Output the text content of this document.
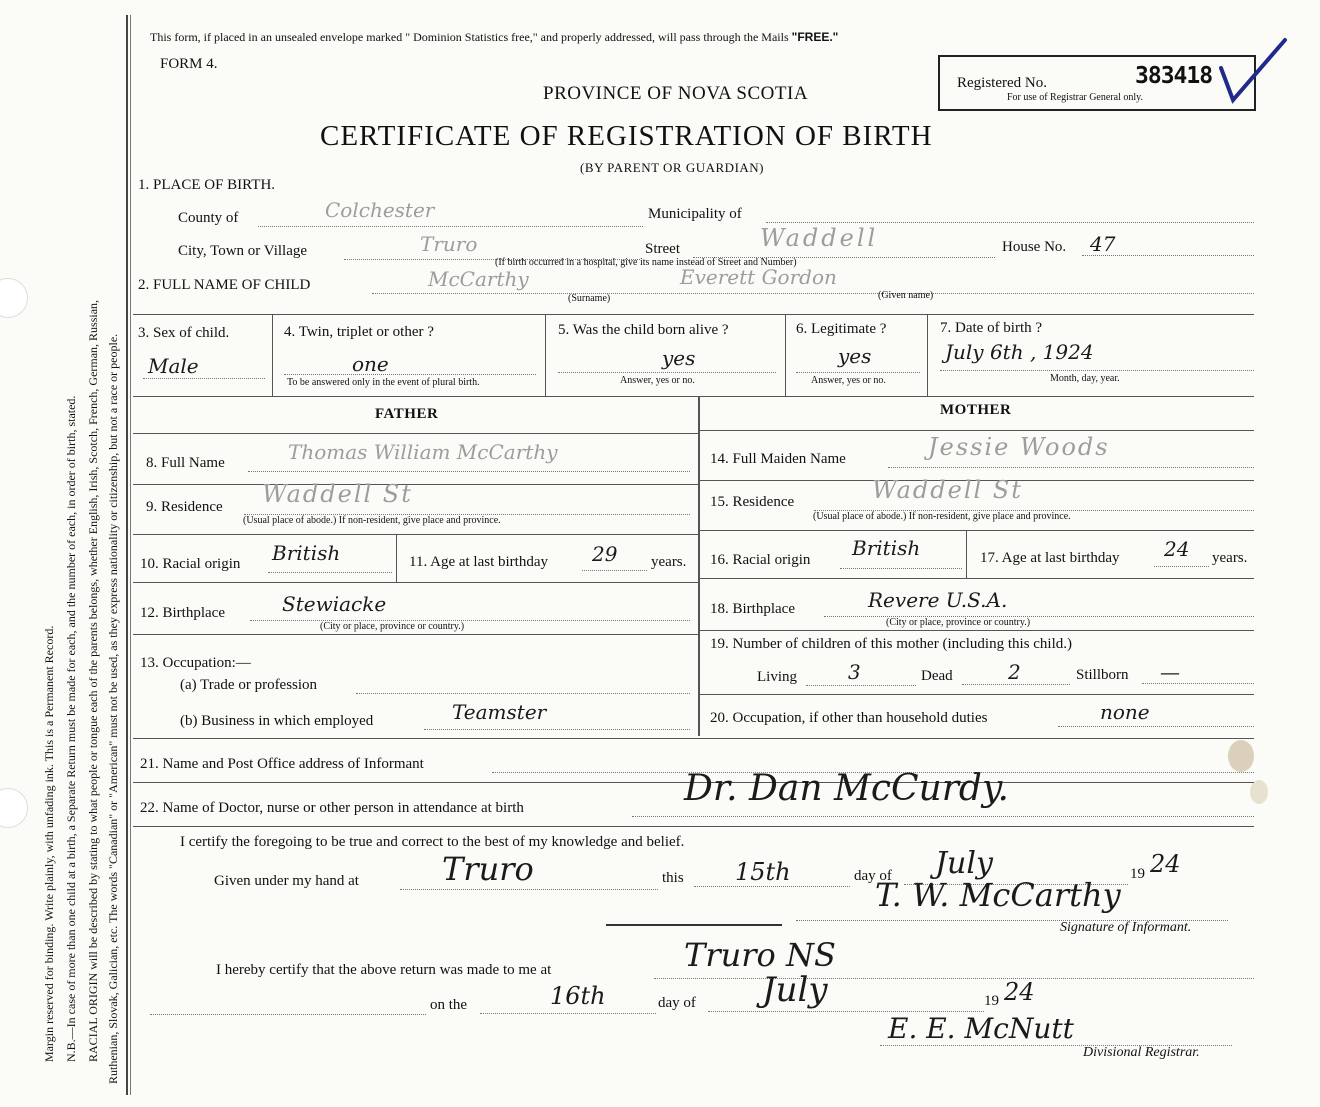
Margin reserved for binding. Write plainly, with unfading ink. This is a Permanent Record. N.B.—In case of more than one child at a birth, a Separate Return must be made for each, and the number of each, in order of birth, stated. RACIAL ORIGIN will be described by stating to what people or tongue each of the parents belongs, whether English, Irish, Scotch, French, German, Russian, Ruthenian, Slovak, Galician, etc. The words "Canadian" or "American" must not be used, as they express nationality or citizenship, but not a race or people.
This form, if placed in an unsealed envelope marked " Dominion Statistics free," and properly addressed, will pass through the Mails "FREE."
FORM 4.
PROVINCE OF NOVA SCOTIA
CERTIFICATE OF REGISTRATION OF BIRTH
(BY PARENT OR GUARDIAN)
Registered No.	383418
For use of Registrar General only.
1. PLACE OF BIRTH.
County of	Colchester	Municipality of
City, Town or Village	Truro	Street	Waddell	House No. 47
(If birth occurred in a hospital, give its name instead of Street and Number)
2. FULL NAME OF CHILD	McCarthy	Everett Gordon
(Surname)	(Given name)
3. Sex of child.
Male
4. Twin, triplet or other ?
one
To be answered only in the event of plural birth.
5. Was the child born alive ?
yes
Answer, yes or no.
6. Legitimate ?
yes
Answer, yes or no.
7. Date of birth ?
July 6th , 1924
Month, day, year.
FATHER	MOTHER
8. Full Name	Thomas William McCarthy	14. Full Maiden Name	Jessie Woods
9. Residence Waddell St
(Usual place of abode.) If non-resident, give place and province.
15. Residence	Waddell St
(Usual place of abode.) If non-resident, give place and province.
10. Racial origin British	11. Age at last birthday 29 years. 16. Racial origin British	17. Age at last birthday 24 years.
12. Birthplace	Stewiacke
(City or place, province or country.)
18. Birthplace	Revere U.S.A.
(City or place, province or country.)
13. Occupation:—
(a) Trade or profession
(b) Business in which employed	Teamster
19. Number of children of this mother (including this child.)
Living	3	Dead	2	Stillborn —
20. Occupation, if other than household duties	none
21. Name and Post Office address of Informant
22. Name of Doctor, nurse or other person in attendance at birth	Dr. Dan McCurdy.
I certify the foregoing to be true and correct to the best of my knowledge and belief.
Given under my hand at	Truro	this 15th	day of July	19 24
T. W. McCarthy
Signature of Informant.
I hereby certify that the above return was made to me at	Truro NS
on the	16th	day of July	19 24
E. E. McNutt
Divisional Registrar.
